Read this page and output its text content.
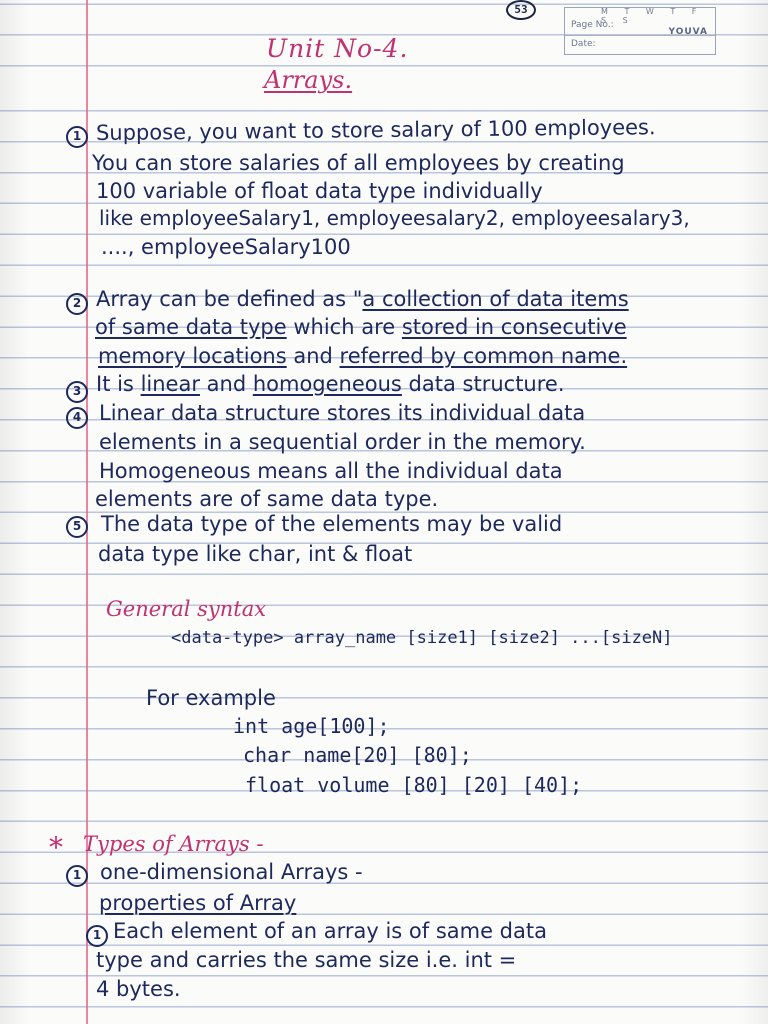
53	M T W T F S S
Page No.:
Date:
YOUVA
Unit No-4.
Arrays.
1 Suppose, you want to store salary of 100 employees.
You can store salaries of all employees by creating
100 variable of float data type individually
like employeeSalary1, employeesalary2, employeesalary3,
...., employeeSalary100
2 Array can be defined as "a collection of data items
of same data type which are stored in consecutive
memory locations and referred by common name.
3 It is linear and homogeneous data structure.
4 Linear data structure stores its individual data
elements in a sequential order in the memory.
Homogeneous means all the individual data
elements are of same data type.
5 The data type of the elements may be valid
data type like char, int & float
General syntax
<data-type> array_name [size1] [size2] ...[sizeN]
For example
int age[100];
char name[20] [80];
float volume [80] [20] [40];
* Types of Arrays -
1 one-dimensional Arrays -
properties of Array
1 Each element of an array is of same data
type and carries the same size i.e. int =
4 bytes.
